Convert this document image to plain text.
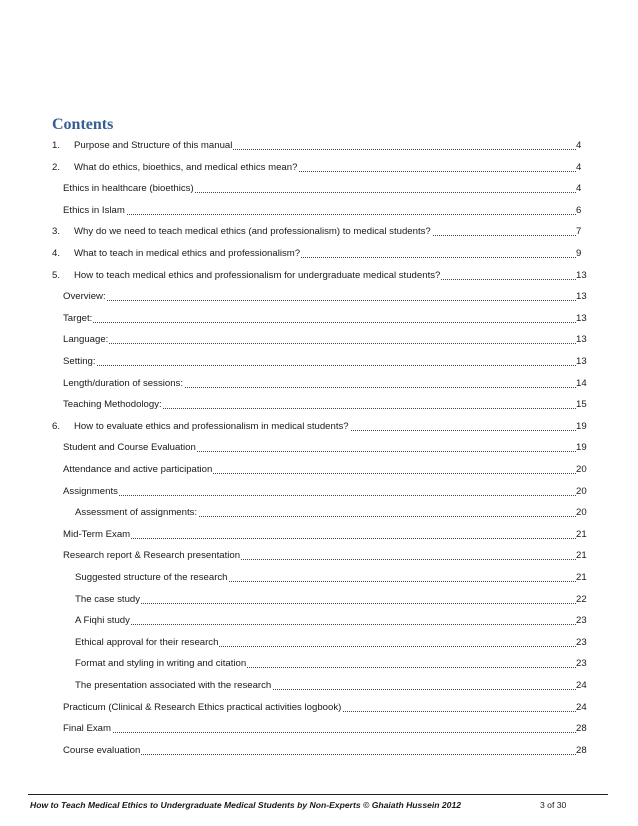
Contents
1.	Purpose and Structure of this manual	4
2.	What do ethics, bioethics, and medical ethics mean?	4
Ethics in healthcare (bioethics)	4
Ethics in Islam	6
3.	Why do we need to teach medical ethics (and professionalism) to medical students?	7
4.	What to teach in medical ethics and professionalism?	9
5.	How to teach medical ethics and professionalism for undergraduate medical students?	13
Overview:	13
Target:	13
Language:	13
Setting:	13
Length/duration of sessions:	14
Teaching Methodology:	15
6.	How to evaluate ethics and professionalism in medical students?	19
Student and Course Evaluation	19
Attendance and active participation	20
Assignments	20
Assessment of assignments:	20
Mid-Term Exam	21
Research report & Research presentation	21
Suggested structure of the research	21
The case study	22
A Fiqhi study	23
Ethical approval for their research	23
Format and styling in writing and citation	23
The presentation associated with the research	24
Practicum (Clinical & Research Ethics practical activities logbook)	24
Final Exam	28
Course evaluation	28
How to Teach Medical Ethics to Undergraduate Medical Students by Non-Experts © Ghaiath Hussein 2012	3 of 30
